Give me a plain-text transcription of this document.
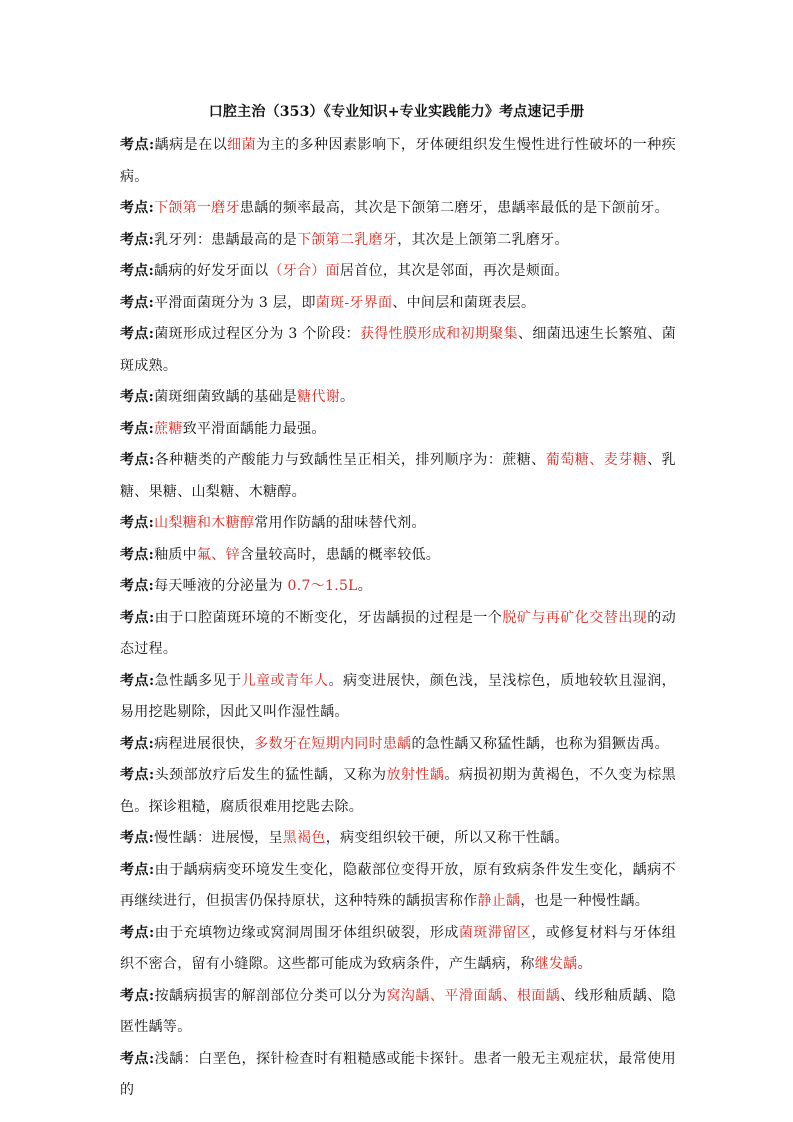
口腔主治（353）《专业知识+专业实践能力》考点速记手册

考点:龋病是在以细菌为主的多种因素影响下，牙体硬组织发生慢性进行性破坏的一种疾病。

考点:下颌第一磨牙患龋的频率最高，其次是下颌第二磨牙，患龋率最低的是下颌前牙。

考点:乳牙列：患龋最高的是下颌第二乳磨牙，其次是上颌第二乳磨牙。

考点:龋病的好发牙面以（牙合）面居首位，其次是邻面，再次是颊面。

考点:平滑面菌斑分为 3 层，即菌斑-牙界面、中间层和菌斑表层。

考点:菌斑形成过程区分为 3 个阶段：获得性膜形成和初期聚集、细菌迅速生长繁殖、菌斑成熟。

考点:菌斑细菌致龋的基础是糖代谢。

考点:蔗糖致平滑面龋能力最强。

考点:各种糖类的产酸能力与致龋性呈正相关，排列顺序为：蔗糖、葡萄糖、麦芽糖、乳糖、果糖、山梨糖、木糖醇。

考点:山梨糖和木糖醇常用作防龋的甜味替代剂。

考点:釉质中氟、锌含量较高时，患龋的概率较低。

考点:每天唾液的分泌量为 0.7～1.5L。

考点:由于口腔菌斑环境的不断变化，牙齿龋损的过程是一个脱矿与再矿化交替出现的动态过程。

考点:急性龋多见于儿童或青年人。病变进展快，颜色浅，呈浅棕色，质地较软且湿润，易用挖匙剔除，因此又叫作湿性龋。

考点:病程进展很快，多数牙在短期内同时患龋的急性龋又称猛性龋，也称为猖獗齿禹。

考点:头颈部放疗后发生的猛性龋，又称为放射性龋。病损初期为黄褐色，不久变为棕黑色。探诊粗糙，腐质很难用挖匙去除。

考点:慢性龋：进展慢，呈黑褐色，病变组织较干硬，所以又称干性龋。

考点:由于龋病病变环境发生变化，隐蔽部位变得开放，原有致病条件发生变化，龋病不再继续进行，但损害仍保持原状，这种特殊的龋损害称作静止龋，也是一种慢性龋。

考点:由于充填物边缘或窝洞周围牙体组织破裂，形成菌斑滞留区，或修复材料与牙体组织不密合，留有小缝隙。这些都可能成为致病条件，产生龋病，称继发龋。

考点:按龋病损害的解剖部位分类可以分为窝沟龋、平滑面龋、根面龋、线形釉质龋、隐匿性龋等。

考点:浅龋：白垩色，探针检查时有粗糙感或能卡探针。患者一般无主观症状，最常使用的
